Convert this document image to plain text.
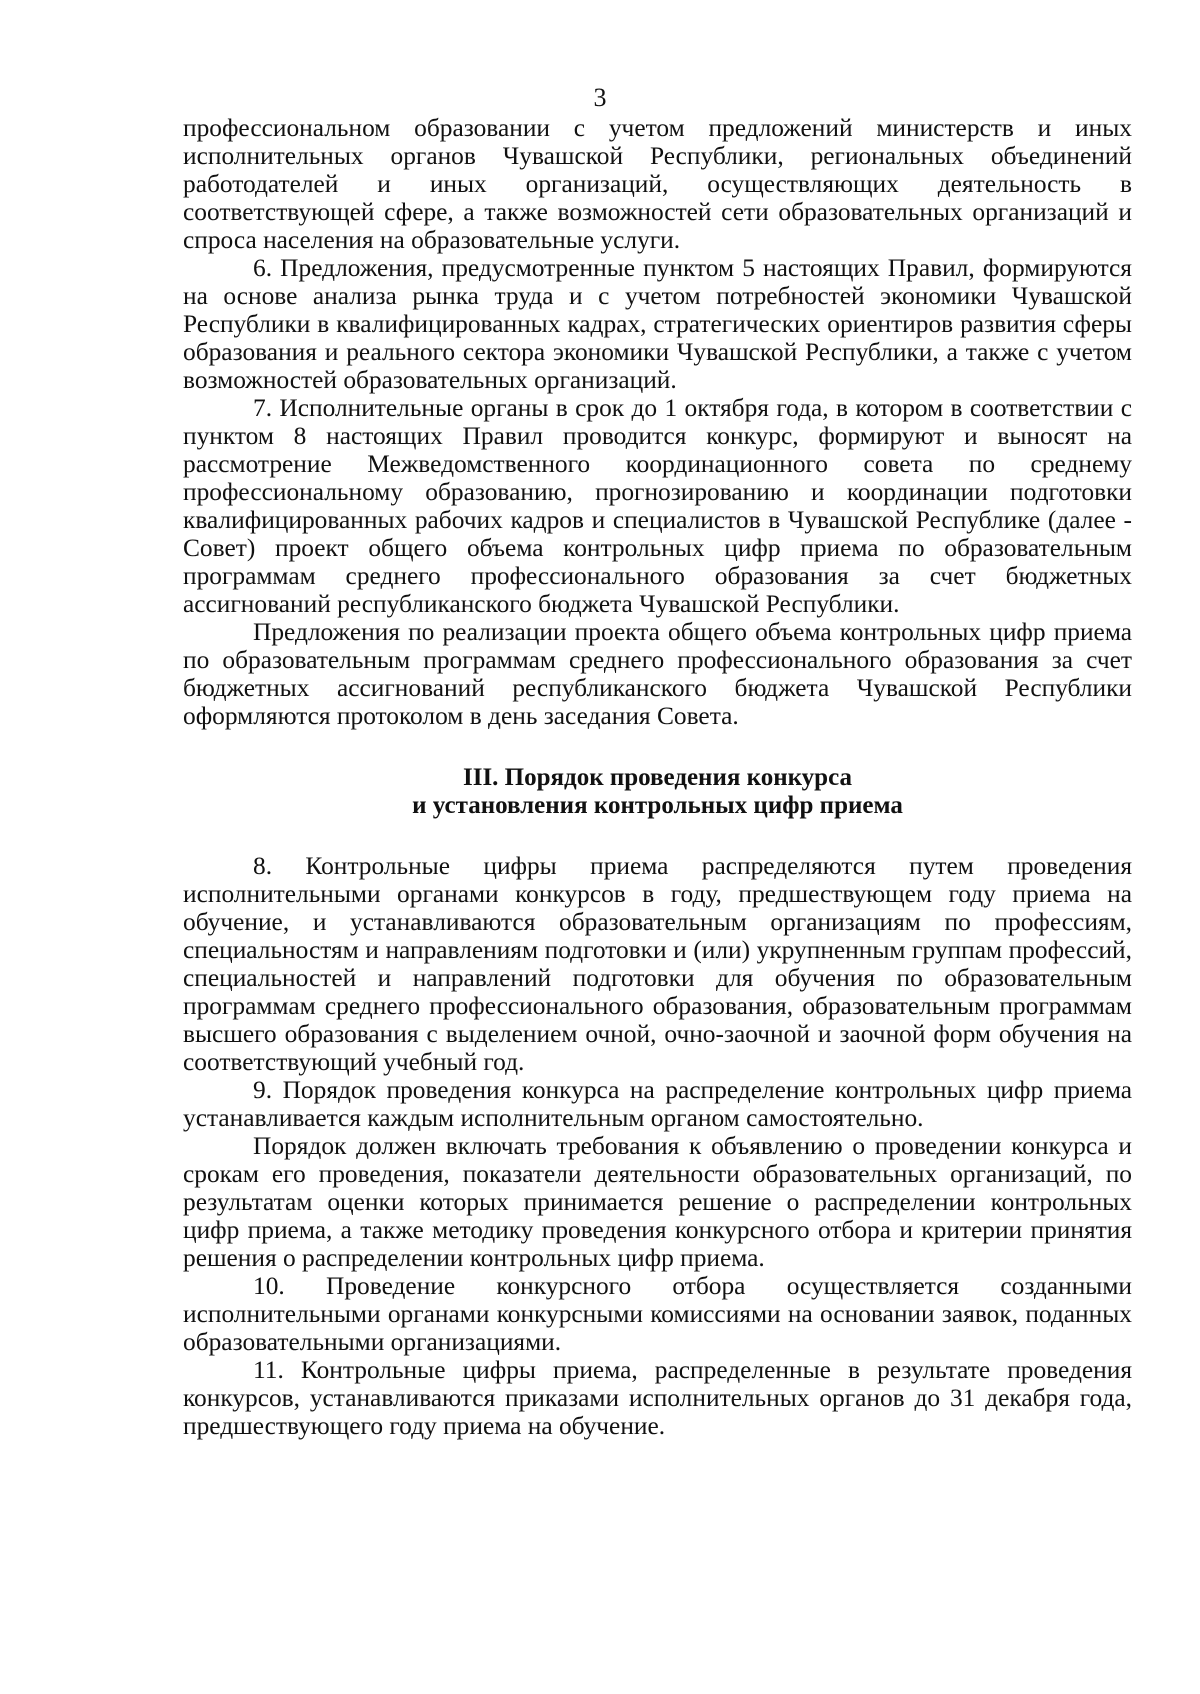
3

профессиональном образовании с учетом предложений министерств и иных исполнительных органов Чувашской Республики, региональных объединений работодателей и иных организаций, осуществляющих деятельность в соответствующей сфере, а также возможностей сети образовательных организаций и спроса населения на образовательные услуги.

6. Предложения, предусмотренные пунктом 5 настоящих Правил, формируются на основе анализа рынка труда и с учетом потребностей экономики Чувашской Республики в квалифицированных кадрах, стратегических ориентиров развития сферы образования и реального сектора экономики Чувашской Республики, а также с учетом возможностей образовательных организаций.

7. Исполнительные органы в срок до 1 октября года, в котором в соответствии с пунктом 8 настоящих Правил проводится конкурс, формируют и выносят на рассмотрение Межведомственного координационного совета по среднему профессиональному образованию, прогнозированию и координации подготовки квалифицированных рабочих кадров и специалистов в Чувашской Республике (далее - Совет) проект общего объема контрольных цифр приема по образовательным программам среднего профессионального образования за счет бюджетных ассигнований республиканского бюджета Чувашской Республики.

Предложения по реализации проекта общего объема контрольных цифр приема по образовательным программам среднего профессионального образования за счет бюджетных ассигнований республиканского бюджета Чувашской Республики оформляются протоколом в день заседания Совета.

III. Порядок проведения конкурса
и установления контрольных цифр приема

8. Контрольные цифры приема распределяются путем проведения исполнительными органами конкурсов в году, предшествующем году приема на обучение, и устанавливаются образовательным организациям по профессиям, специальностям и направлениям подготовки и (или) укрупненным группам профессий, специальностей и направлений подготовки для обучения по образовательным программам среднего профессионального образования, образовательным программам высшего образования с выделением очной, очно-заочной и заочной форм обучения на соответствующий учебный год.

9. Порядок проведения конкурса на распределение контрольных цифр приема устанавливается каждым исполнительным органом самостоятельно.

Порядок должен включать требования к объявлению о проведении конкурса и срокам его проведения, показатели деятельности образовательных организаций, по результатам оценки которых принимается решение о распределении контрольных цифр приема, а также методику проведения конкурсного отбора и критерии принятия решения о распределении контрольных цифр приема.

10. Проведение конкурсного отбора осуществляется созданными исполнительными органами конкурсными комиссиями на основании заявок, поданных образовательными организациями.

11. Контрольные цифры приема, распределенные в результате проведения конкурсов, устанавливаются приказами исполнительных органов до 31 декабря года, предшествующего году приема на обучение.
